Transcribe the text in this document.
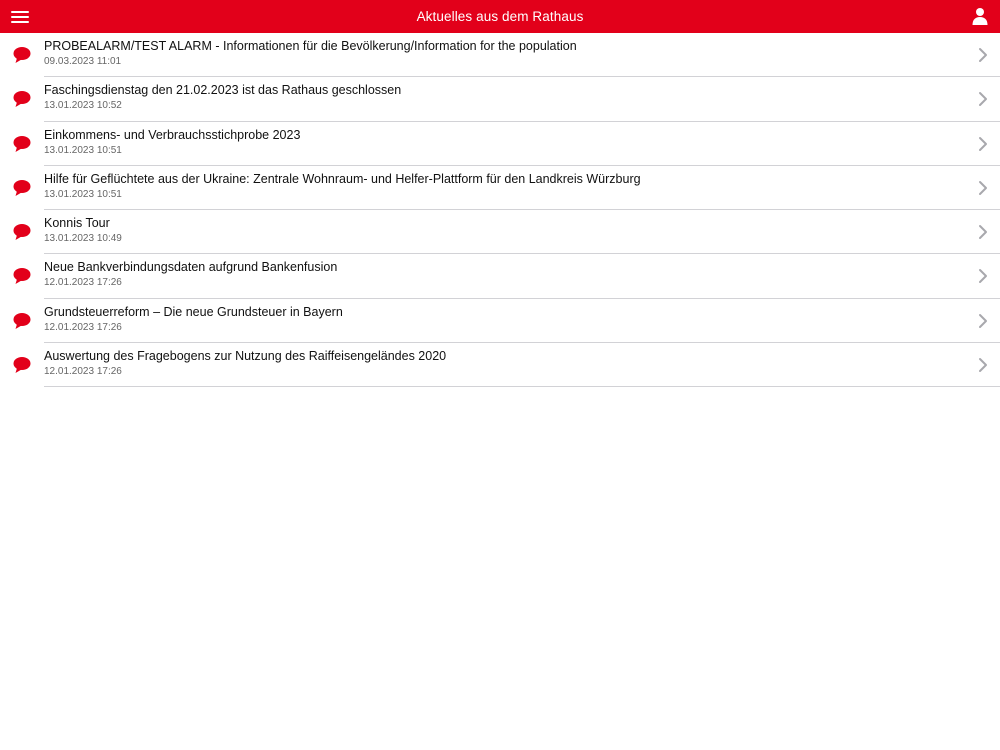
Aktuelles aus dem Rathaus
PROBEALARM/TEST ALARM - Informationen für die Bevölkerung/Information for the population
09.03.2023 11:01
Faschingsdienstag den 21.02.2023 ist das Rathaus geschlossen
13.01.2023 10:52
Einkommens- und Verbrauchsstichprobe 2023
13.01.2023 10:51
Hilfe für Geflüchtete aus der Ukraine: Zentrale Wohnraum- und Helfer-Plattform für den Landkreis Würzburg
13.01.2023 10:51
Konnis Tour
13.01.2023 10:49
Neue Bankverbindungsdaten aufgrund Bankenfusion
12.01.2023 17:26
Grundsteuerreform – Die neue Grundsteuer in Bayern
12.01.2023 17:26
Auswertung des Fragebogens zur Nutzung des Raiffeisengeländes 2020
12.01.2023 17:26
